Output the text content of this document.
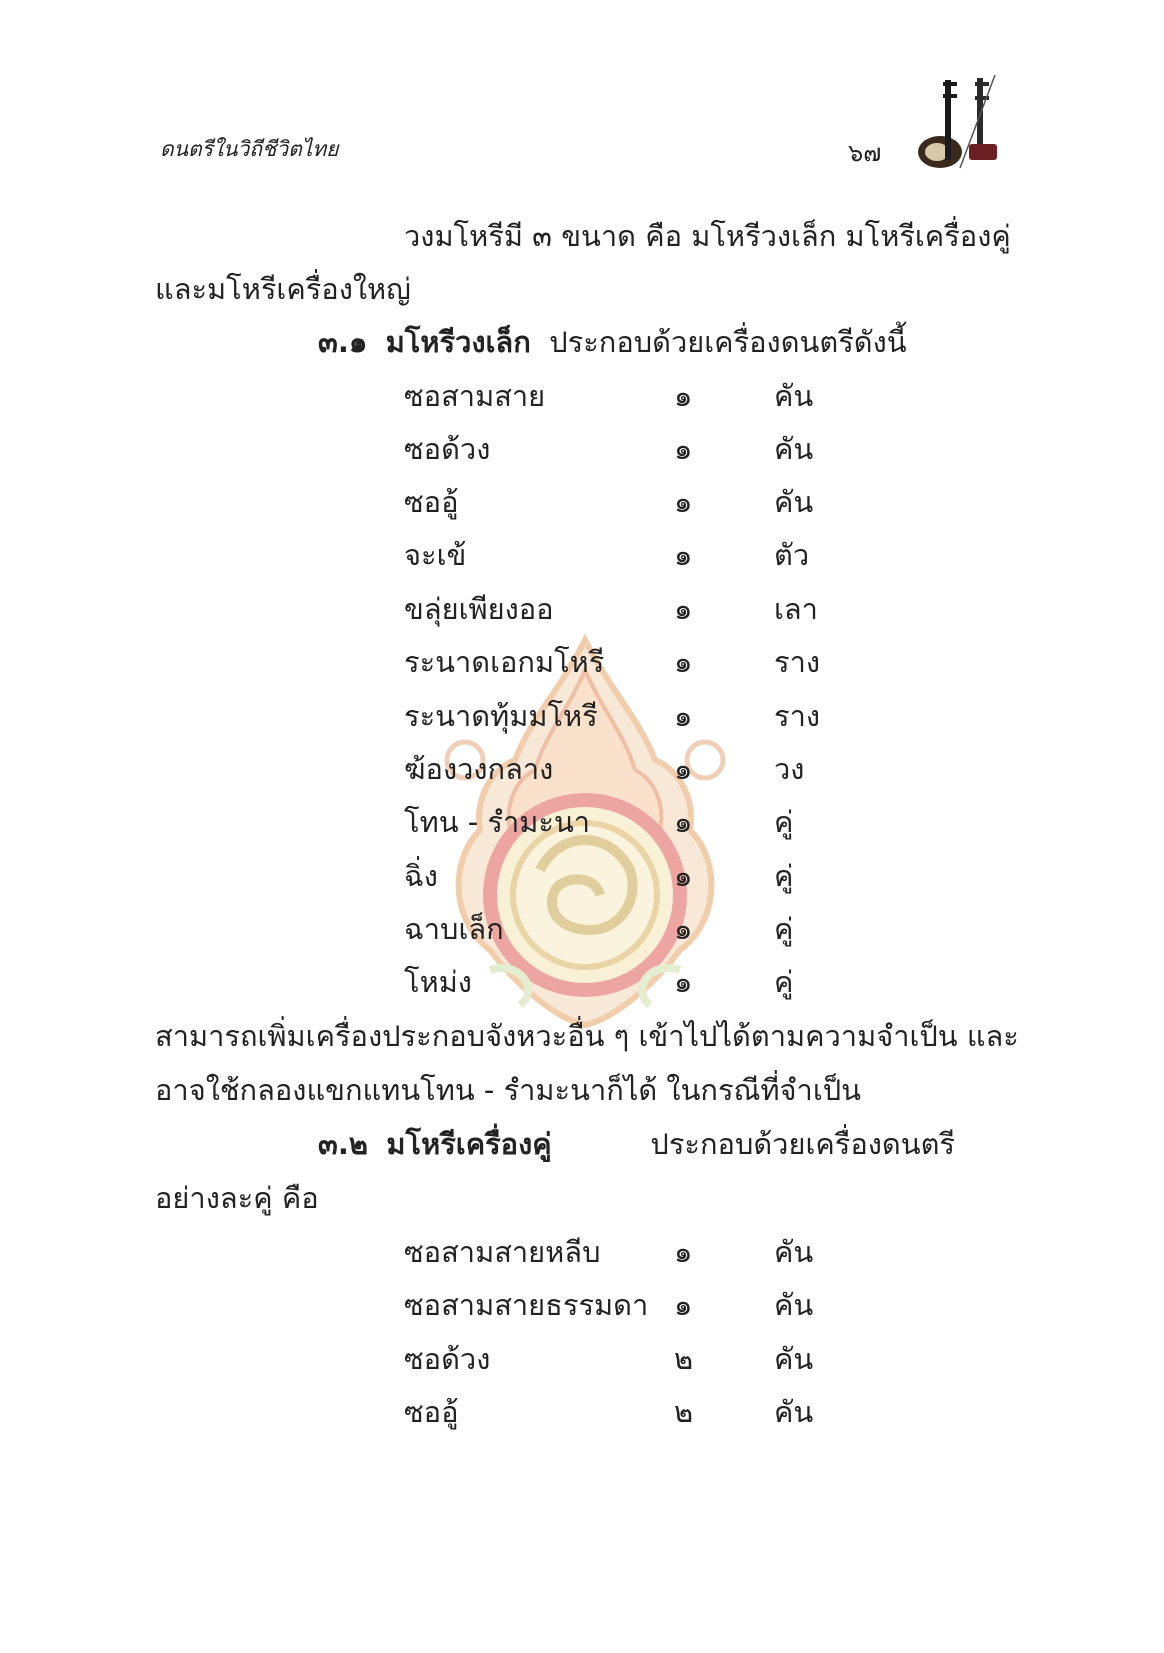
ดนตรีในวิถีชีวิตไทย	๖๗
วงมโหรีมี ๓ ขนาด คือ มโหรีวงเล็ก มโหรีเครื่องคู่
และมโหรีเครื่องใหญ่
๓.๑ มโหรีวงเล็ก ประกอบด้วยเครื่องดนตรีดังนี้
ซอสามสาย	๑	คัน
ซอด้วง	๑	คัน
ซออู้	๑	คัน
จะเข้	๑	ตัว
ขลุ่ยเพียงออ	๑	เลา
ระนาดเอกมโหรี ๑	ราง
ระนาดทุ้มมโหรี	๑	ราง
ฆ้องวงกลาง	๑	วง
โทน - รำมะนา	๑	คู่
ฉิ่ง	๑	คู่
ฉาบเล็ก	๑	คู่
โหม่ง	๑	คู่
สามารถเพิ่มเครื่องประกอบจังหวะอื่น ๆ เข้าไปได้ตามความจำเป็น และ
อาจใช้กลองแขกแทนโทน - รำมะนาก็ได้ ในกรณีที่จำเป็น
๓.๒ มโหรีเครื่องคู่	ประกอบด้วยเครื่องดนตรี
อย่างละคู่ คือ
ซอสามสายหลีบ	๑	คัน
ซอสามสายธรรมดา ๑	คัน
ซอด้วง	๒	คัน
ซออู้	๒	คัน
